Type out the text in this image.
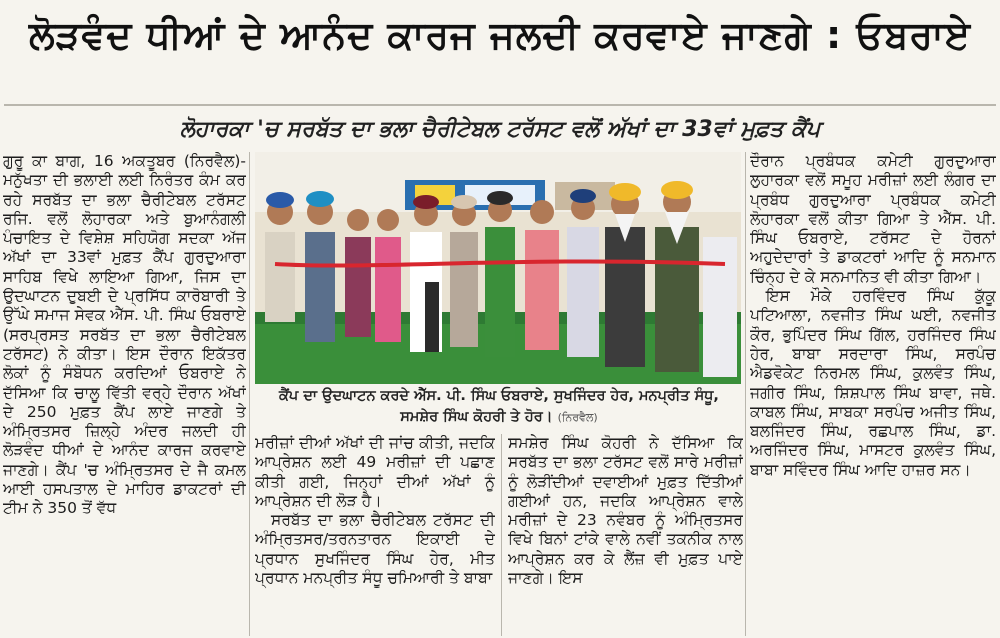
ਲੋੜਵੰਦ ਧੀਆਂ ਦੇ ਆਨੰਦ ਕਾਰਜ ਜਲਦੀ ਕਰਵਾਏ ਜਾਣਗੇ : ਓਬਰਾਏ
ਲੋਹਾਰਕਾ 'ਚ ਸਰਬੱਤ ਦਾ ਭਲਾ ਚੈਰੀਟੇਬਲ ਟਰੱਸਟ ਵਲੋਂ ਅੱਖਾਂ ਦਾ 33ਵਾਂ ਮੁਫ਼ਤ ਕੈਂਪ

ਗੁਰੂ ਕਾ ਬਾਗ, 16 ਅਕਤੂਬਰ (ਨਿਰਵੈਲ)- ਮਨੁੱਖਤਾ ਦੀ ਭਲਾਈ ਲਈ ਨਿਰੰਤਰ ਕੰਮ ਕਰ ਰਹੇ ਸਰਬੱਤ ਦਾ ਭਲਾ ਚੈਰੀਟੇਬਲ ਟਰੱਸਟ ਰਜਿ. ਵਲੋਂ ਲੋਹਾਰਕਾ ਅਤੇ ਬੁਆਨੰਗਲੀ ਪੰਚਾਇਤ ਦੇ ਵਿਸ਼ੇਸ਼ ਸਹਿਯੋਗ ਸਦਕਾ ਅੱਜ ਅੱਖਾਂ ਦਾ 33ਵਾਂ ਮੁਫ਼ਤ ਕੈਂਪ ਗੁਰਦੁਆਰਾ ਸਾਹਿਬ ਵਿਖੇ ਲਾਇਆ ਗਿਆ, ਜਿਸ ਦਾ ਉਦਘਾਟਨ ਦੁਬਈ ਦੇ ਪ੍ਰਸਿੱਧ ਕਾਰੋਬਾਰੀ ਤੇ ਉੱਘੇ ਸਮਾਜ ਸੇਵਕ ਐੱਸ. ਪੀ. ਸਿੰਘ ਓਬਰਾਏ (ਸਰਪ੍ਰਸਤ ਸਰਬੱਤ ਦਾ ਭਲਾ ਚੈਰੀਟੇਬਲ ਟਰੱਸਟ) ਨੇ ਕੀਤਾ। ਇਸ ਦੌਰਾਨ ਇਕੱਤਰ ਲੋਕਾਂ ਨੂੰ ਸੰਬੋਧਨ ਕਰਦਿਆਂ ਓਬਰਾਏ ਨੇ ਦੱਸਿਆ ਕਿ ਚਾਲੂ ਵਿੱਤੀ ਵਰ੍ਹੇ ਦੌਰਾਨ ਅੱਖਾਂ ਦੇ 250 ਮੁਫ਼ਤ ਕੈਂਪ ਲਾਏ ਜਾਣਗੇ ਤੇ ਅੰਮ੍ਰਿਤਸਰ ਜ਼ਿਲ੍ਹੇ ਅੰਦਰ ਜਲਦੀ ਹੀ ਲੋੜਵੰਦ ਧੀਆਂ ਦੇ ਆਨੰਦ ਕਾਰਜ ਕਰਵਾਏ ਜਾਣਗੇ। ਕੈਂਪ 'ਚ ਅੰਮ੍ਰਿਤਸਰ ਦੇ ਜੈ ਕਮਲ ਆਈ ਹਸਪਤਾਲ ਦੇ ਮਾਹਿਰ ਡਾਕਟਰਾਂ ਦੀ ਟੀਮ ਨੇ 350 ਤੋਂ ਵੱਧ

ਕੈਂਪ ਦਾ ਉਦਘਾਟਨ ਕਰਦੇ ਐੱਸ. ਪੀ. ਸਿੰਘ ਓਬਰਾਏ, ਸੁਖਜਿੰਦਰ ਹੇਰ, ਮਨਪ੍ਰੀਤ ਸੰਧੂ, ਸਮਸ਼ੇਰ ਸਿੰਘ ਕੋਹਰੀ ਤੇ ਹੋਰ। (ਨਿਰਵੈਲ)

ਮਰੀਜ਼ਾਂ ਦੀਆਂ ਅੱਖਾਂ ਦੀ ਜਾਂਚ ਕੀਤੀ, ਜਦਕਿ ਆਪ੍ਰੇਸ਼ਨ ਲਈ 49 ਮਰੀਜ਼ਾਂ ਦੀ ਪਛਾਣ ਕੀਤੀ ਗਈ, ਜਿਨ੍ਹਾਂ ਦੀਆਂ ਅੱਖਾਂ ਨੂੰ ਆਪ੍ਰੇਸ਼ਨ ਦੀ ਲੋੜ ਹੈ।

ਸਰਬੱਤ ਦਾ ਭਲਾ ਚੈਰੀਟੇਬਲ ਟਰੱਸਟ ਦੀ ਅੰਮ੍ਰਿਤਸਰ/ਤਰਨਤਾਰਨ ਇਕਾਈ ਦੇ ਪ੍ਰਧਾਨ ਸੁਖਜਿੰਦਰ ਸਿੰਘ ਹੇਰ, ਮੀਤ ਪ੍ਰਧਾਨ ਮਨਪ੍ਰੀਤ ਸੰਧੂ ਚਮਿਆਰੀ ਤੇ ਬਾਬਾ

ਸਮਸ਼ੇਰ ਸਿੰਘ ਕੋਹਰੀ ਨੇ ਦੱਸਿਆ ਕਿ ਸਰਬੱਤ ਦਾ ਭਲਾ ਟਰੱਸਟ ਵਲੋਂ ਸਾਰੇ ਮਰੀਜ਼ਾਂ ਨੂੰ ਲੋੜੀਂਦੀਆਂ ਦਵਾਈਆਂ ਮੁਫ਼ਤ ਦਿੱਤੀਆਂ ਗਈਆਂ ਹਨ, ਜਦਕਿ ਆਪ੍ਰੇਸ਼ਨ ਵਾਲੇ ਮਰੀਜ਼ਾਂ ਦੇ 23 ਨਵੰਬਰ ਨੂੰ ਅੰਮ੍ਰਿਤਸਰ ਵਿਖੇ ਬਿਨਾਂ ਟਾਂਕੇ ਵਾਲੇ ਨਵੀਂ ਤਕਨੀਕ ਨਾਲ ਆਪ੍ਰੇਸ਼ਨ ਕਰ ਕੇ ਲੈਂਜ਼ ਵੀ ਮੁਫ਼ਤ ਪਾਏ ਜਾਣਗੇ। ਇਸ

ਦੌਰਾਨ ਪ੍ਰਬੰਧਕ ਕਮੇਟੀ ਗੁਰਦੁਆਰਾ ਲੁਹਾਰਕਾ ਵਲੋਂ ਸਮੂਹ ਮਰੀਜ਼ਾਂ ਲਈ ਲੰਗਰ ਦਾ ਪ੍ਰਬੰਧ ਗੁਰਦੁਆਰਾ ਪ੍ਰਬੰਧਕ ਕਮੇਟੀ ਲੋਹਾਰਕਾ ਵਲੋਂ ਕੀਤਾ ਗਿਆ ਤੇ ਐੱਸ. ਪੀ. ਸਿੰਘ ਓਬਰਾਏ, ਟਰੱਸਟ ਦੇ ਹੋਰਨਾਂ ਅਹੁਦੇਦਾਰਾਂ ਤੇ ਡਾਕਟਰਾਂ ਆਦਿ ਨੂੰ ਸਨਮਾਨ ਚਿੰਨ੍ਹ ਦੇ ਕੇ ਸਨਮਾਨਿਤ ਵੀ ਕੀਤਾ ਗਿਆ।

ਇਸ ਮੌਕੇ ਹਰਵਿੰਦਰ ਸਿੰਘ ਕੁੱਕੂ ਪਟਿਆਲਾ, ਨਵਜੀਤ ਸਿੰਘ ਘਈ, ਨਵਜੀਤ ਕੌਰ, ਭੁਪਿੰਦਰ ਸਿੰਘ ਗਿੱਲ, ਹਰਜਿੰਦਰ ਸਿੰਘ ਹੇਰ, ਬਾਬਾ ਸਰਦਾਰਾ ਸਿੰਘ, ਸਰਪੰਚ ਐਡਵੋਕੇਟ ਨਿਰਮਲ ਸਿੰਘ, ਕੁਲਵੰਤ ਸਿੰਘ, ਜਗੀਰ ਸਿੰਘ, ਸ਼ਿਸ਼ਪਾਲ ਸਿੰਘ ਬਾਵਾ, ਜਥੇ. ਕਾਬਲ ਸਿੰਘ, ਸਾਬਕਾ ਸਰਪੰਚ ਅਜੀਤ ਸਿੰਘ, ਬਲਜਿੰਦਰ ਸਿੰਘ, ਰਛਪਾਲ ਸਿੰਘ, ਡਾ. ਅਰਜਿੰਦਰ ਸਿੰਘ, ਮਾਸਟਰ ਕੁਲਵੰਤ ਸਿੰਘ, ਬਾਬਾ ਸਵਿੰਦਰ ਸਿੰਘ ਆਦਿ ਹਾਜ਼ਰ ਸਨ।
